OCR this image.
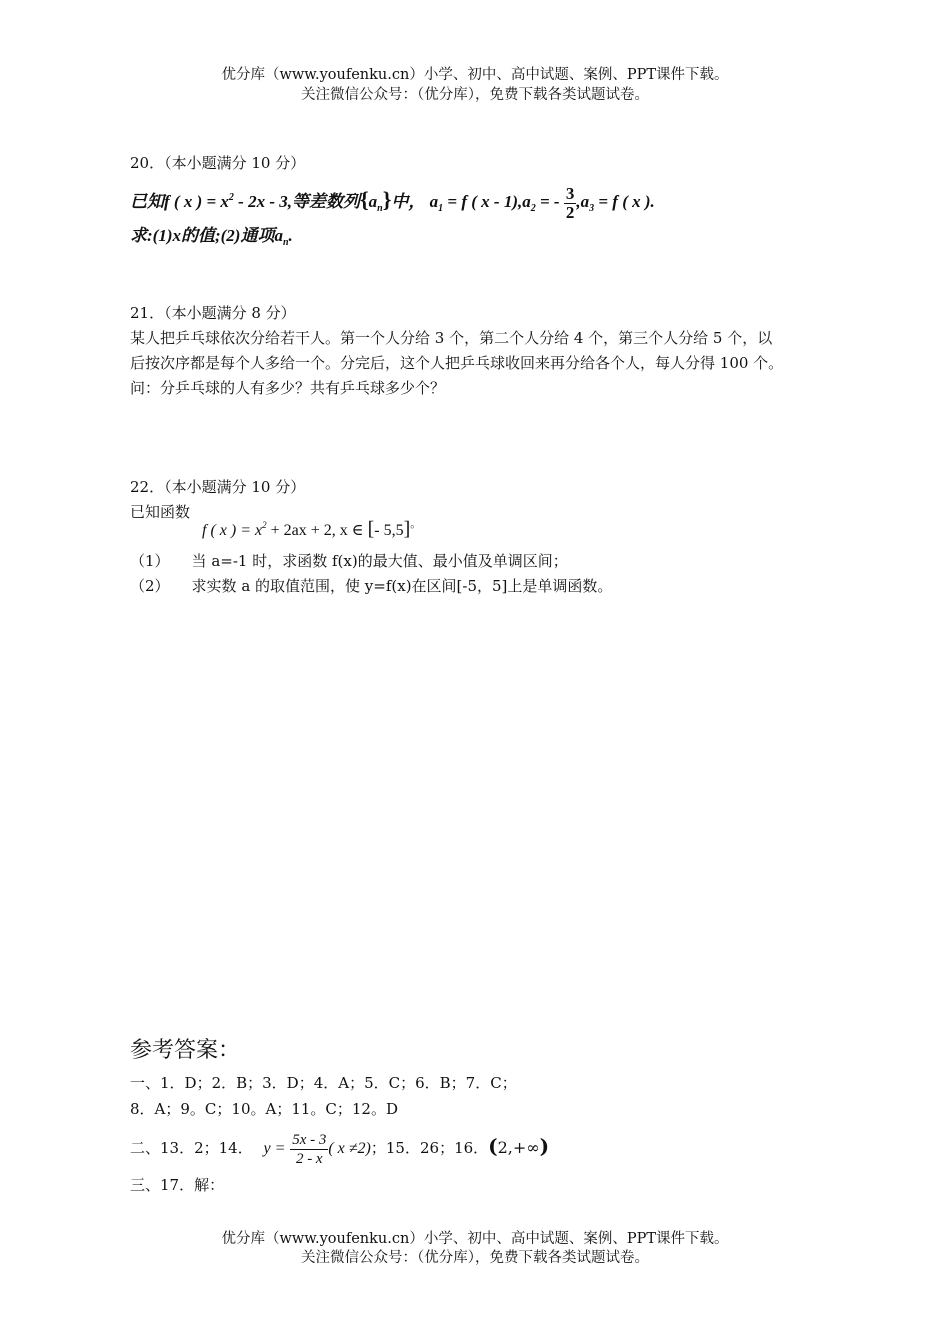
优分库（www.youfenku.cn）小学、初中、高中试题、案例、PPT课件下载。
关注微信公众号：（优分库），免费下载各类试题试卷。
20．（本小题满分 10 分）
已知f ( x ) = $x^2 - 2x - 3$,等差数列$\{a_n\}$中， $a_1 = f$ ( x - $1),a_2$ = - $\frac{3}{2} ,a_3 = f$ ( x ).
求:(1)x的值;(2)通项$a_n$.
21．（本小题满分 8 分）
某人把乒乓球依次分给若干人。第一个人分给 3 个，第二个人分给 4 个，第三个人分给 5 个，以
后按次序都是每个人多给一个。分完后，这个人把乒乓球收回来再分给各个人，每人分得 100 个。
问：分乒乓球的人有多少？共有乒乓球多少个？
22．（本小题满分 10 分）
已知函数
f ( x ) = $x^2 + 2ax + 2$, x ∈ [- 5,5]。
（1） 当 a=-1 时，求函数 f(x)的最大值、最小值及单调区间；
（2） 求实数 a 的取值范围，使 y=f(x)在区间[-5，5]上是单调函数。
参考答案：
一、1．D；2．B；3．D；4．A；5．C；6．B；7．C；
8．A；9。C；10。A；11。C；12。D
二、13．2；14． $y = \frac{5x - 3}{2 - x}$ ( x ≠2)；15．26；16．(2,+∞)
三、17．解：
优分库（www.youfenku.cn）小学、初中、高中试题、案例、PPT课件下载。
关注微信公众号：（优分库），免费下载各类试题试卷。
